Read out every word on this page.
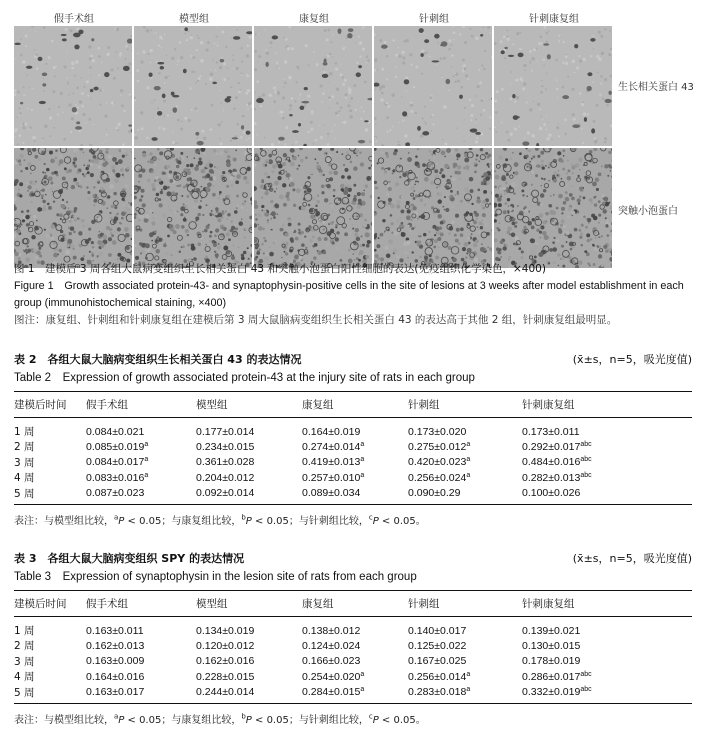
假手术组	模型组	康复组	针刺组	针刺康复组
生长相关蛋白 43
突触小泡蛋白
图 1　建模后 3 周各组大鼠病变组织生长相关蛋白 43 和突触小泡蛋白阳性细胞的表达(免疫组织化学染色，×400)
Figure 1　Growth associated protein-43- and synaptophysin-positive cells in the site of lesions at 3 weeks after model establishment in each group (immunohistochemical staining, ×400)
图注：康复组、针刺组和针刺康复组在建模后第 3 周大鼠脑病变组织生长相关蛋白 43 的表达高于其他 2 组，针刺康复组最明显。
表 2　各组大鼠大脑病变组织生长相关蛋白 43 的表达情况	(x̄±s，n=5，吸光度值)
Table 2　Expression of growth associated protein-43 at the injury site of rats in each group
建模后时间	假手术组	模型组	康复组	针刺组	针刺康复组
1 周	0.084±0.021	0.177±0.014	0.164±0.019	0.173±0.020	0.173±0.011
2 周	0.085±0.019$^a$	0.234±0.015	0.274±0.014$^a$	0.275±0.012$^a$	0.292±0.017$^{abc}$
3 周	0.084±0.017$^a$	0.361±0.028	0.419±0.013$^a$	0.420±0.023$^a$	0.484±0.016$^{abc}$
4 周	0.083±0.016$^a$	0.204±0.012	0.257±0.010$^a$	0.256±0.024$^a$	0.282±0.013$^{abc}$
5 周	0.087±0.023	0.092±0.014	0.089±0.034	0.090±0.29	0.100±0.026
表注：与模型组比较，$^a$P < 0.05；与康复组比较，$^b$P < 0.05；与针刺组比较，$^c$P < 0.05。
表 3　各组大鼠大脑病变组织 SPY 的表达情况	(x̄±s，n=5，吸光度值)
Table 3　Expression of synaptophysin in the lesion site of rats from each group
建模后时间	假手术组	模型组	康复组	针刺组	针刺康复组
1 周	0.163±0.011	0.134±0.019	0.138±0.012	0.140±0.017	0.139±0.021
2 周	0.162±0.013	0.120±0.012	0.124±0.024	0.125±0.022	0.130±0.015
3 周	0.163±0.009	0.162±0.016	0.166±0.023	0.167±0.025	0.178±0.019
4 周	0.164±0.016	0.228±0.015	0.254±0.020$^a$	0.256±0.014$^a$	0.286±0.017$^{abc}$
5 周	0.163±0.017	0.244±0.014	0.284±0.015$^a$	0.283±0.018$^a$	0.332±0.019$^{abc}$
表注：与模型组比较，$^a$P < 0.05；与康复组比较，$^b$P < 0.05；与针刺组比较，$^c$P < 0.05。
